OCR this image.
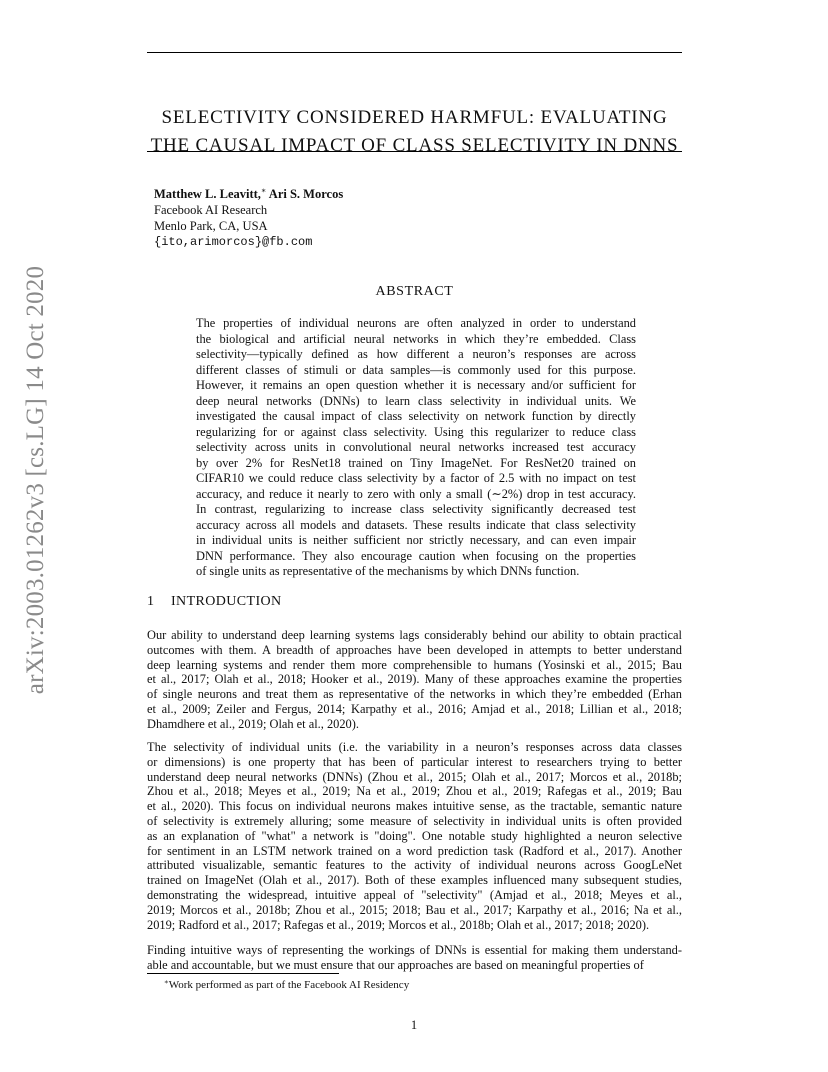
arXiv:2003.01262v3 [cs.LG] 14 Oct 2020
SELECTIVITY CONSIDERED HARMFUL: EVALUATING
THE CAUSAL IMPACT OF CLASS SELECTIVITY IN DNNS
Matthew L. Leavitt,∗ Ari S. Morcos
Facebook AI Research
Menlo Park, CA, USA
{ito,arimorcos}@fb.com
ABSTRACT
The properties of individual neurons are often analyzed in order to understand
the biological and artificial neural networks in which they’re embedded. Class
selectivity—typically defined as how different a neuron’s responses are across
different classes of stimuli or data samples—is commonly used for this purpose.
However, it remains an open question whether it is necessary and/or sufficient for
deep neural networks (DNNs) to learn class selectivity in individual units. We
investigated the causal impact of class selectivity on network function by directly
regularizing for or against class selectivity. Using this regularizer to reduce class
selectivity across units in convolutional neural networks increased test accuracy
by over 2% for ResNet18 trained on Tiny ImageNet. For ResNet20 trained on
CIFAR10 we could reduce class selectivity by a factor of 2.5 with no impact on test
accuracy, and reduce it nearly to zero with only a small (∼2%) drop in test accuracy.
In contrast, regularizing to increase class selectivity significantly decreased test
accuracy across all models and datasets. These results indicate that class selectivity
in individual units is neither sufficient nor strictly necessary, and can even impair
DNN performance. They also encourage caution when focusing on the properties
of single units as representative of the mechanisms by which DNNs function.
1 INTRODUCTION
Our ability to understand deep learning systems lags considerably behind our ability to obtain practical
outcomes with them. A breadth of approaches have been developed in attempts to better understand
deep learning systems and render them more comprehensible to humans (Yosinski et al., 2015; Bau
et al., 2017; Olah et al., 2018; Hooker et al., 2019). Many of these approaches examine the properties
of single neurons and treat them as representative of the networks in which they’re embedded (Erhan
et al., 2009; Zeiler and Fergus, 2014; Karpathy et al., 2016; Amjad et al., 2018; Lillian et al., 2018;
Dhamdhere et al., 2019; Olah et al., 2020).
The selectivity of individual units (i.e. the variability in a neuron’s responses across data classes
or dimensions) is one property that has been of particular interest to researchers trying to better
understand deep neural networks (DNNs) (Zhou et al., 2015; Olah et al., 2017; Morcos et al., 2018b;
Zhou et al., 2018; Meyes et al., 2019; Na et al., 2019; Zhou et al., 2019; Rafegas et al., 2019; Bau
et al., 2020). This focus on individual neurons makes intuitive sense, as the tractable, semantic nature
of selectivity is extremely alluring; some measure of selectivity in individual units is often provided
as an explanation of "what" a network is "doing". One notable study highlighted a neuron selective
for sentiment in an LSTM network trained on a word prediction task (Radford et al., 2017). Another
attributed visualizable, semantic features to the activity of individual neurons across GoogLeNet
trained on ImageNet (Olah et al., 2017). Both of these examples influenced many subsequent studies,
demonstrating the widespread, intuitive appeal of "selectivity" (Amjad et al., 2018; Meyes et al.,
2019; Morcos et al., 2018b; Zhou et al., 2015; 2018; Bau et al., 2017; Karpathy et al., 2016; Na et al.,
2019; Radford et al., 2017; Rafegas et al., 2019; Morcos et al., 2018b; Olah et al., 2017; 2018; 2020).
Finding intuitive ways of representing the workings of DNNs is essential for making them understand-
able and accountable, but we must ensure that our approaches are based on meaningful properties of
∗Work performed as part of the Facebook AI Residency
1
